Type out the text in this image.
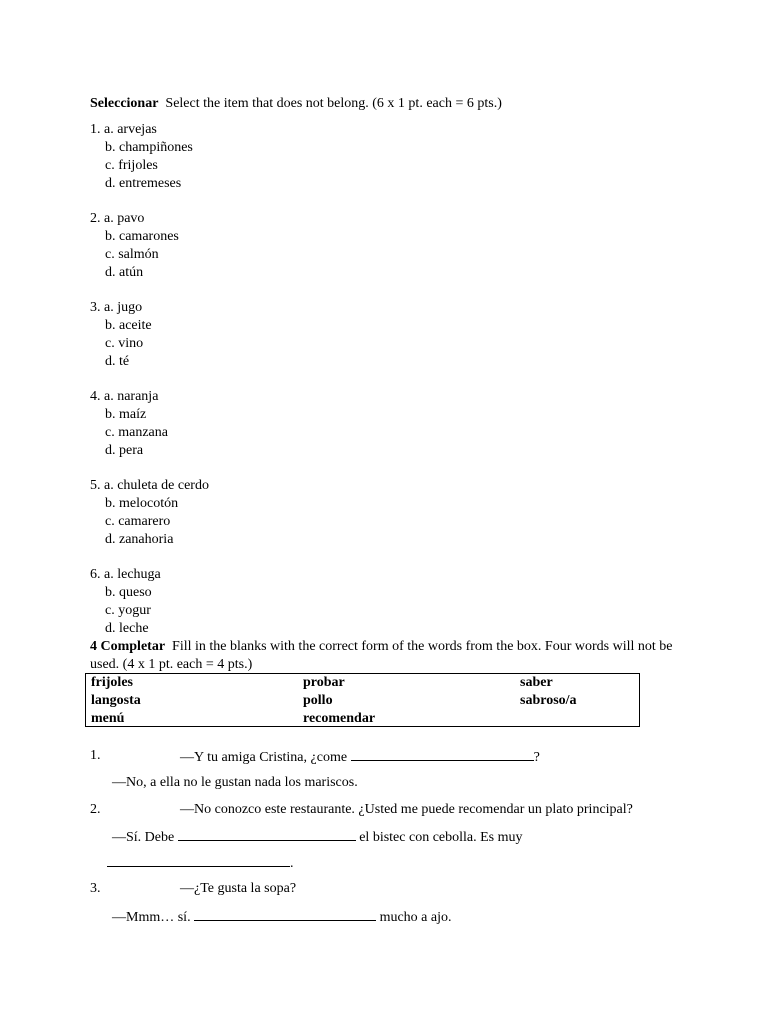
Seleccionar Select the item that does not belong. (6 x 1 pt. each = 6 pts.)
1. a. arvejas
b. champiñones
c. frijoles
d. entremeses
2. a. pavo
b. camarones
c. salmón
d. atún
3. a. jugo
b. aceite
c. vino
d. té
4. a. naranja
b. maíz
c. manzana
d. pera
5. a. chuleta de cerdo
b. melocotón
c. camarero
d. zanahoria
6. a. lechuga
b. queso
c. yogur
d. leche
4 Completar Fill in the blanks with the correct form of the words from the box. Four words will not be used. (4 x 1 pt. each = 4 pts.)
frijoles	probar	saber
langosta	pollo	sabroso/a
menú	recomendar
1.	—Y tu amiga Cristina, ¿come	?
—No, a ella no le gustan nada los mariscos.
2.	—No conozco este restaurante. ¿Usted me puede recomendar un plato principal?
—Sí. Debe	el bistec con cebolla. Es muy
.
3.	—¿Te gusta la sopa?
—Mmm… sí.	mucho a ajo.
